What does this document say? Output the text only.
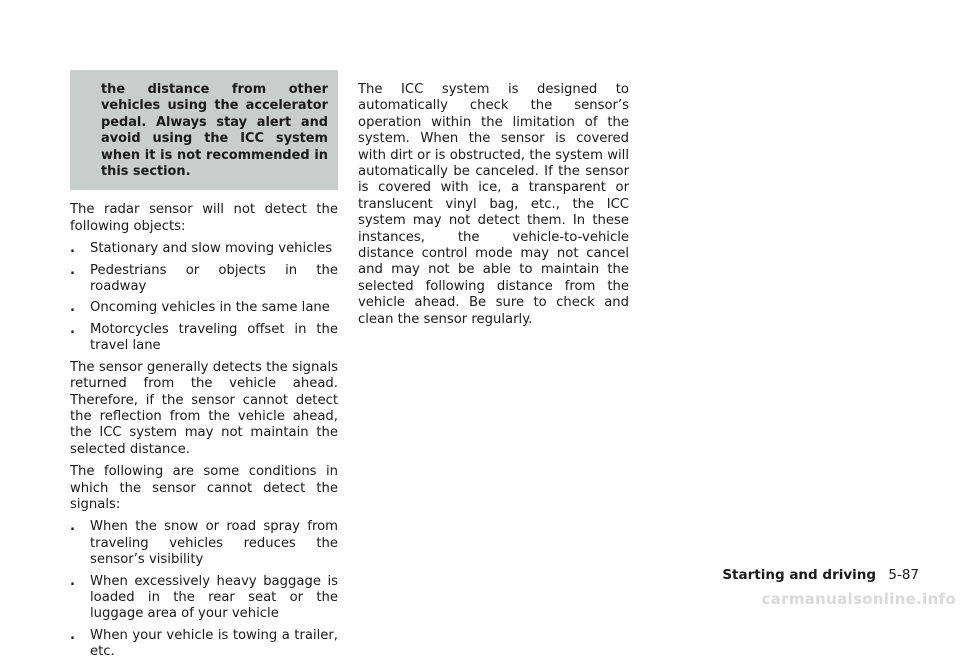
the distance from other vehicles using the accelerator pedal. Always stay alert and avoid using the ICC system when it is not recommended in this section.

The radar sensor will not detect the following objects:

. Stationary and slow moving vehicles
. Pedestrians or objects in the roadway
. Oncoming vehicles in the same lane
. Motorcycles traveling offset in the travel lane

The sensor generally detects the signals returned from the vehicle ahead. Therefore, if the sensor cannot detect the reflection from the vehicle ahead, the ICC system may not maintain the selected distance.

The following are some conditions in which the sensor cannot detect the signals:

. When the snow or road spray from traveling vehicles reduces the sensor’s visibility
. When excessively heavy baggage is loaded in the rear seat or the luggage area of your vehicle
. When your vehicle is towing a trailer, etc.

The ICC system is designed to automatically check the sensor’s operation within the limitation of the system. When the sensor is covered with dirt or is obstructed, the system will automatically be canceled. If the sensor is covered with ice, a transparent or translucent vinyl bag, etc., the ICC system may not detect them. In these instances, the vehicle-to-vehicle distance control mode may not cancel and may not be able to maintain the selected following distance from the vehicle ahead. Be sure to check and clean the sensor regularly.

Starting and driving 5-87
carmanualsonline.info
